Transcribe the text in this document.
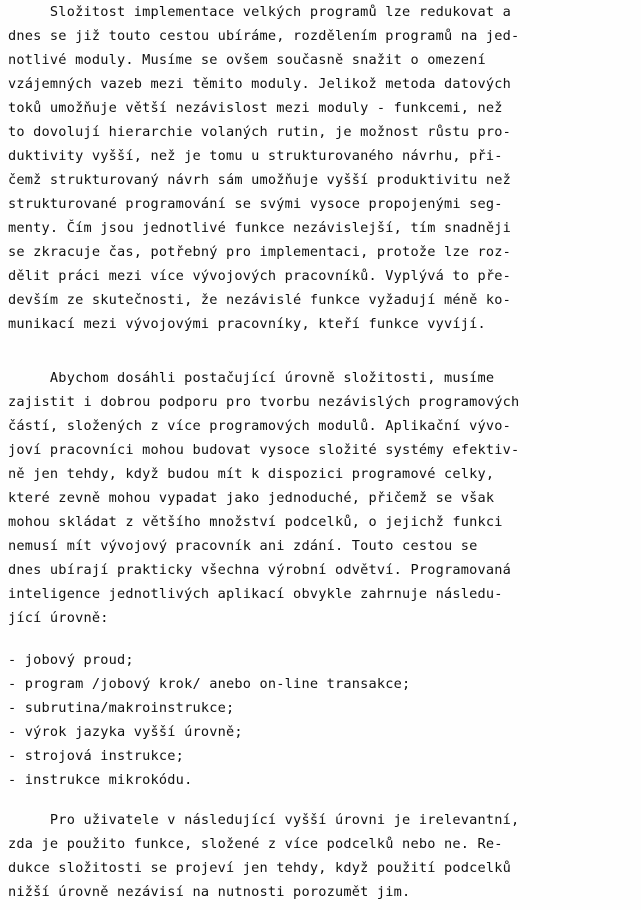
Složitost implementace velkých programů lze redukovat a
dnes se již touto cestou ubíráme, rozdělením programů na jed-
notlivé moduly. Musíme se ovšem současně snažit o omezení
vzájemných vazeb mezi těmito moduly. Jelikož metoda datových
toků umožňuje větší nezávislost mezi moduly - funkcemi, než
to dovolují hierarchie volaných rutin, je možnost růstu pro-
duktivity vyšší, než je tomu u strukturovaného návrhu, při-
čemž strukturovaný návrh sám umožňuje vyšší produktivitu než
strukturované programování se svými vysoce propojenými seg-
menty. Čím jsou jednotlivé funkce nezávislejší, tím snadněji
se zkracuje čas, potřebný pro implementaci, protože lze roz-
dělit práci mezi více vývojových pracovníků. Vyplývá to pře-
devším ze skutečnosti, že nezávislé funkce vyžadují méně ko-
munikací mezi vývojovými pracovníky, kteří funkce vyvíjí.
Abychom dosáhli postačující úrovně složitosti, musíme
zajistit i dobrou podporu pro tvorbu nezávislých programových
částí, složených z více programových modulů. Aplikační vývo-
joví pracovníci mohou budovat vysoce složité systémy efektiv-
ně jen tehdy, když budou mít k dispozici programové celky,
které zevně mohou vypadat jako jednoduché, přičemž se však
mohou skládat z většího množství podcelků, o jejichž funkci
nemusí mít vývojový pracovník ani zdání. Touto cestou se
dnes ubírají prakticky všechna výrobní odvětví. Programovaná
inteligence jednotlivých aplikací obvykle zahrnuje následu-
jící úrovně:
- jobový proud;
- program /jobový krok/ anebo on-line transakce;
- subrutina/makroinstrukce;
- výrok jazyka vyšší úrovně;
- strojová instrukce;
- instrukce mikrokódu.
Pro uživatele v následující vyšší úrovni je irelevantní,
zda je použito funkce, složené z více podcelků nebo ne. Re-
dukce složitosti se projeví jen tehdy, když použití podcelků
nižší úrovně nezávisí na nutnosti porozumět jim.
